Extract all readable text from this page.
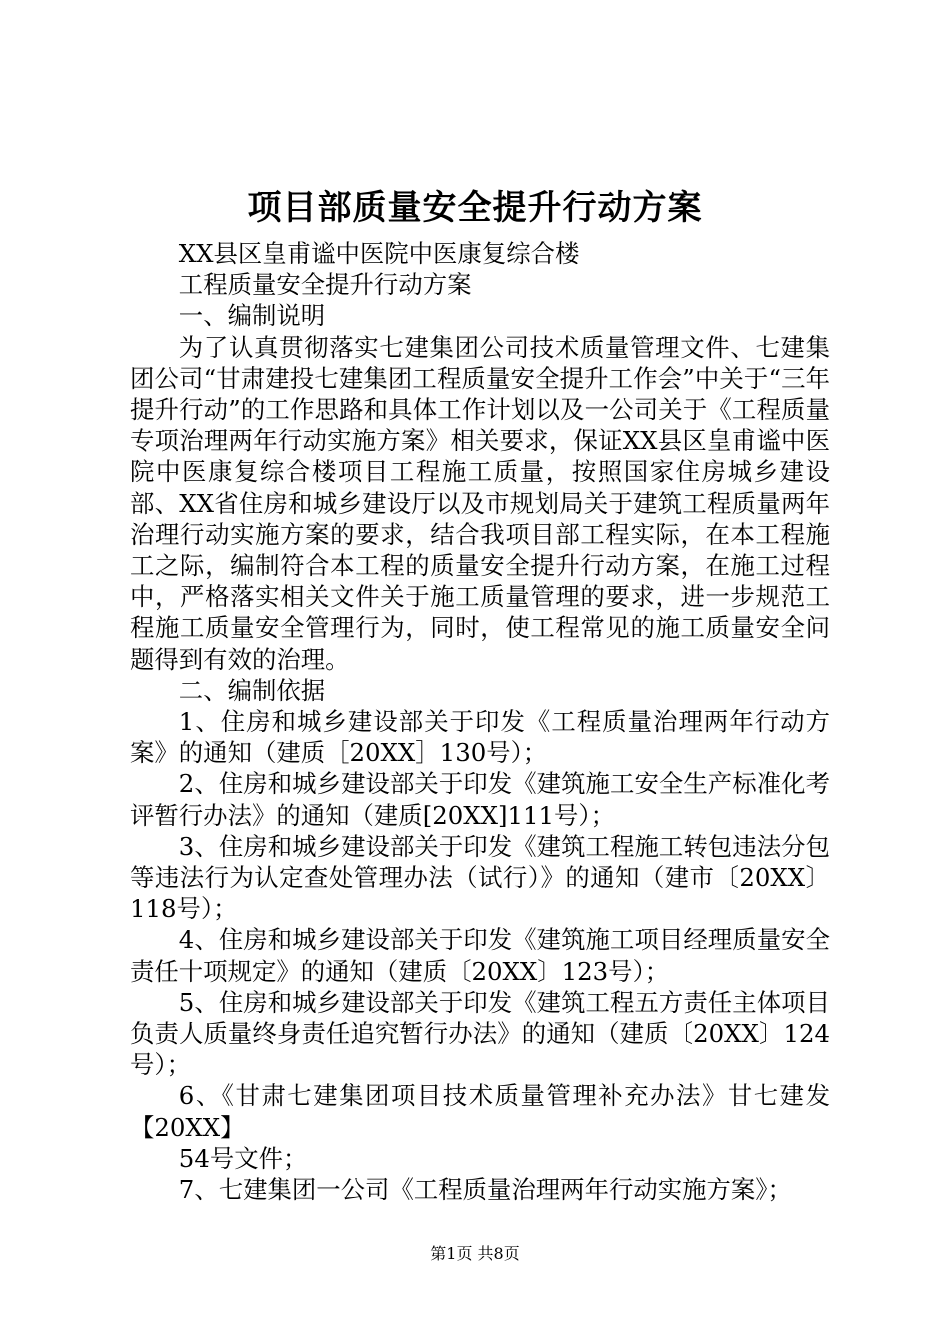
项目部质量安全提升行动方案

XX县区皇甫谧中医院中医康复综合楼

工程质量安全提升行动方案

一、编制说明

为了认真贯彻落实七建集团公司技术质量管理文件、七建集团公司“甘肃建投七建集团工程质量安全提升工作会”中关于“三年提升行动”的工作思路和具体工作计划以及一公司关于《工程质量专项治理两年行动实施方案》相关要求，保证XX县区皇甫谧中医院中医康复综合楼项目工程施工质量，按照国家住房城乡建设部、XX省住房和城乡建设厅以及市规划局关于建筑工程质量两年治理行动实施方案的要求，结合我项目部工程实际，在本工程施工之际，编制符合本工程的质量安全提升行动方案，在施工过程中，严格落实相关文件关于施工质量管理的要求，进一步规范工程施工质量安全管理行为，同时，使工程常见的施工质量安全问题得到有效的治理。

二、编制依据

1、住房和城乡建设部关于印发《工程质量治理两年行动方案》的通知（建质［20XX］130号）；

2、住房和城乡建设部关于印发《建筑施工安全生产标准化考评暂行办法》的通知（建质[20XX]111号）；

3、住房和城乡建设部关于印发《建筑工程施工转包违法分包等违法行为认定查处管理办法（试行）》的通知（建市〔20XX〕118号）；

4、住房和城乡建设部关于印发《建筑施工项目经理质量安全责任十项规定》的通知（建质〔20XX〕123号）；

5、住房和城乡建设部关于印发《建筑工程五方责任主体项目负责人质量终身责任追究暂行办法》的通知（建质〔20XX〕124号）；

6、《甘肃七建集团项目技术质量管理补充办法》甘七建发【20XX】

54号文件；

7、七建集团一公司《工程质量治理两年行动实施方案》；

第1页 共8页
